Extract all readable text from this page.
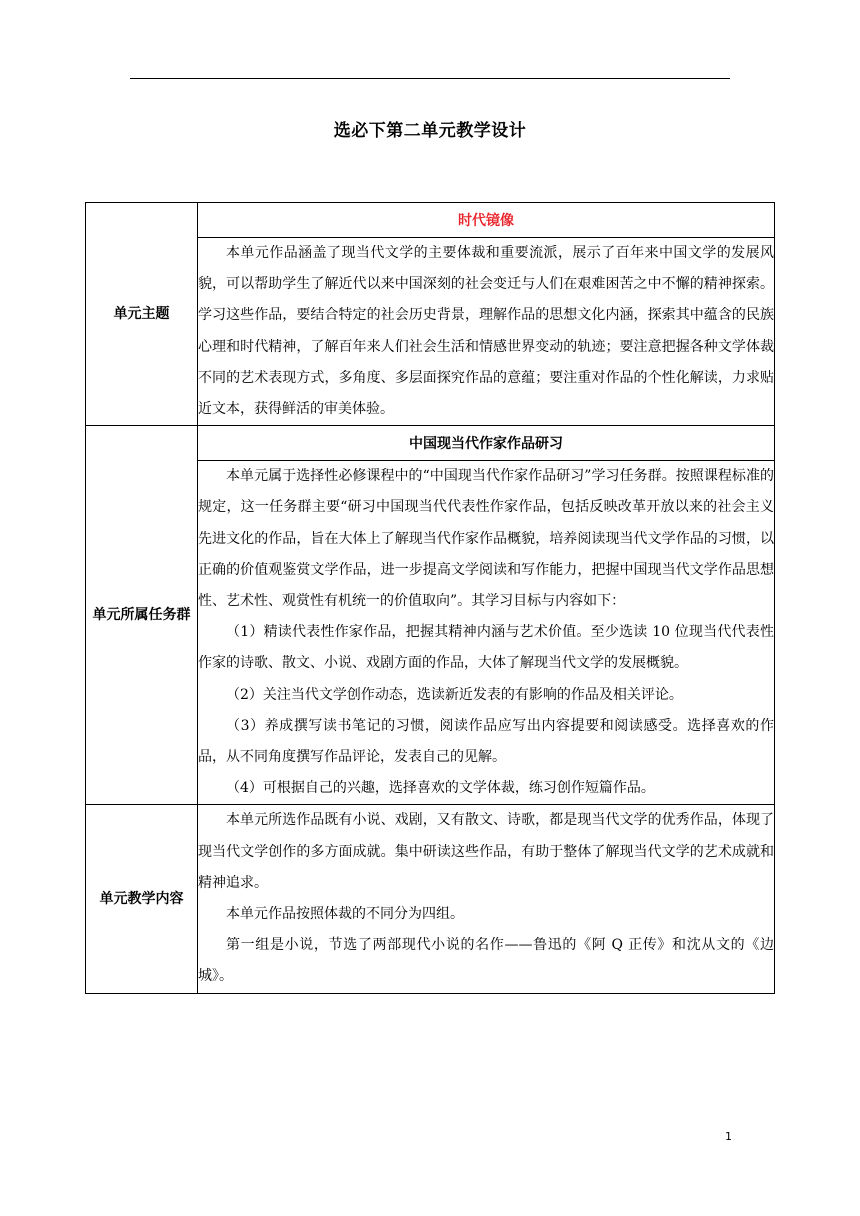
选必下第二单元教学设计
单元主题	时代镜像

	本单元作品涵盖了现当代文学的主要体裁和重要流派，展示了百年来中国文学的发展风貌，可以帮助学生了解近代以来中国深刻的社会变迁与人们在艰难困苦之中不懈的精神探索。学习这些作品，要结合特定的社会历史背景，理解作品的思想文化内涵，探索其中蕴含的民族心理和时代精神，了解百年来人们社会生活和情感世界变动的轨迹；要注意把握各种文学体裁不同的艺术表现方式，多角度、多层面探究作品的意蕴；要注重对作品的个性化解读，力求贴近文本，获得鲜活的审美体验。

单元所属任务群	中国现当代作家作品研习

	本单元属于选择性必修课程中的“中国现当代作家作品研习”学习任务群。按照课程标准的规定，这一任务群主要“研习中国现当代代表性作家作品，包括反映改革开放以来的社会主义先进文化的作品，旨在大体上了解现当代作家作品概貌，培养阅读现当代文学作品的习惯，以正确的价值观鉴赏文学作品，进一步提高文学阅读和写作能力，把握中国现当代文学作品思想性、艺术性、观赏性有机统一的价值取向”。其学习目标与内容如下：

（1）精读代表性作家作品，把握其精神内涵与艺术价值。至少选读 10 位现当代代表性作家的诗歌、散文、小说、戏剧方面的作品，大体了解现当代文学的发展概貌。

（2）关注当代文学创作动态，选读新近发表的有影响的作品及相关评论。

（3）养成撰写读书笔记的习惯，阅读作品应写出内容提要和阅读感受。选择喜欢的作品，从不同角度撰写作品评论，发表自己的见解。

（4）可根据自己的兴趣，选择喜欢的文学体裁，练习创作短篇作品。

单元教学内容	本单元所选作品既有小说、戏剧，又有散文、诗歌，都是现当代文学的优秀作品，体现了现当代文学创作的多方面成就。集中研读这些作品，有助于整体了解现当代文学的艺术成就和精神追求。

本单元作品按照体裁的不同分为四组。

第一组是小说，节选了两部现代小说的名作——鲁迅的《阿 Q 正传》和沈从文的《边城》。

1
